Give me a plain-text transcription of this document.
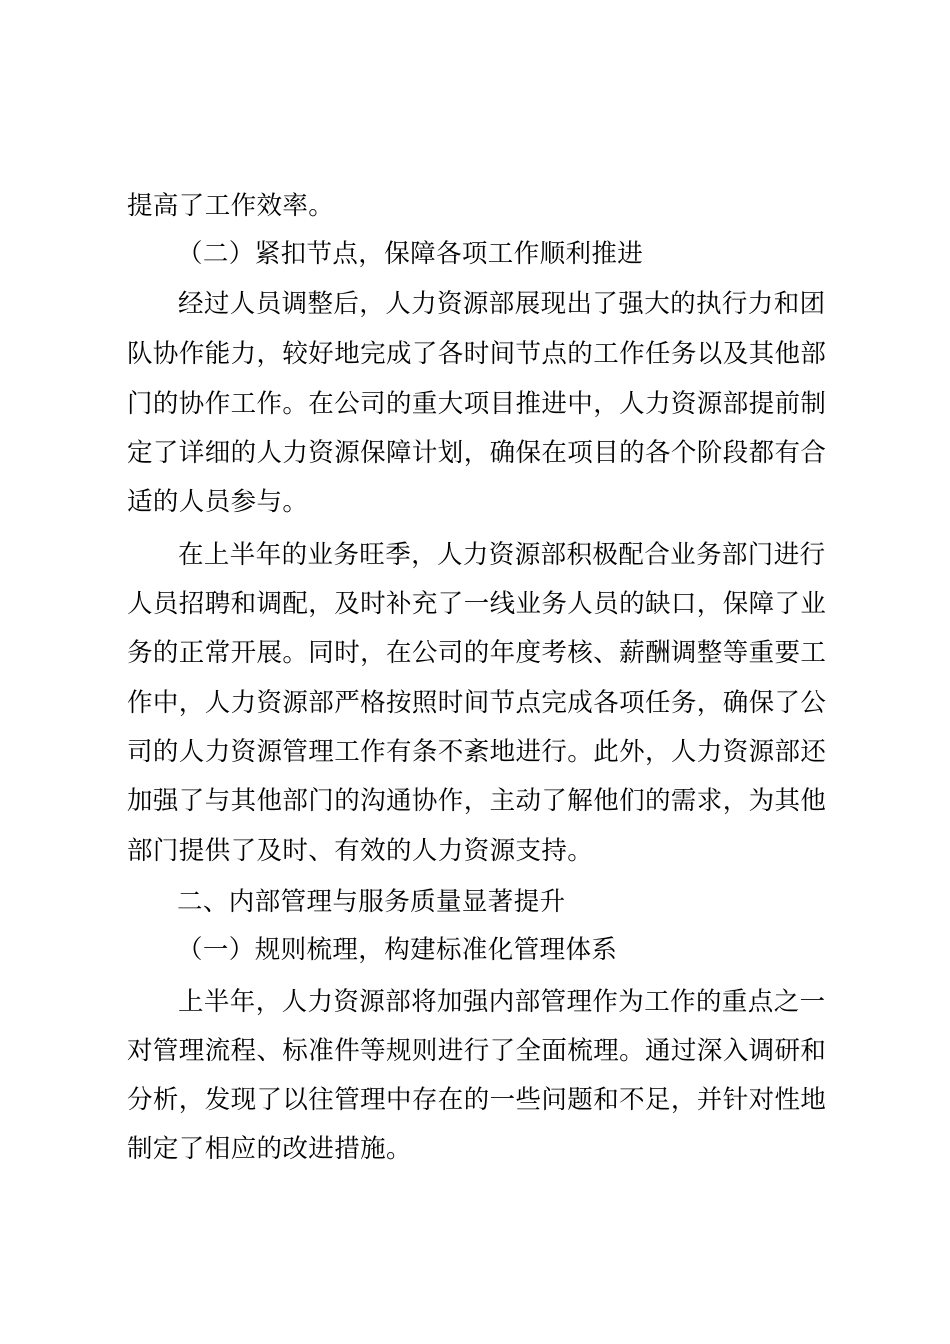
提高了工作效率。
（二）紧扣节点，保障各项工作顺利推进
经过人员调整后，人力资源部展现出了强大的执行力和团
队协作能力，较好地完成了各时间节点的工作任务以及其他部
门的协作工作。在公司的重大项目推进中，人力资源部提前制
定了详细的人力资源保障计划，确保在项目的各个阶段都有合
适的人员参与。
在上半年的业务旺季，人力资源部积极配合业务部门进行
人员招聘和调配，及时补充了一线业务人员的缺口，保障了业
务的正常开展。同时，在公司的年度考核、薪酬调整等重要工
作中，人力资源部严格按照时间节点完成各项任务，确保了公
司的人力资源管理工作有条不紊地进行。此外，人力资源部还
加强了与其他部门的沟通协作，主动了解他们的需求，为其他
部门提供了及时、有效的人力资源支持。
二、内部管理与服务质量显著提升
（一）规则梳理，构建标准化管理体系
上半年，人力资源部将加强内部管理作为工作的重点之一
对管理流程、标准件等规则进行了全面梳理。通过深入调研和
分析，发现了以往管理中存在的一些问题和不足，并针对性地
制定了相应的改进措施。
